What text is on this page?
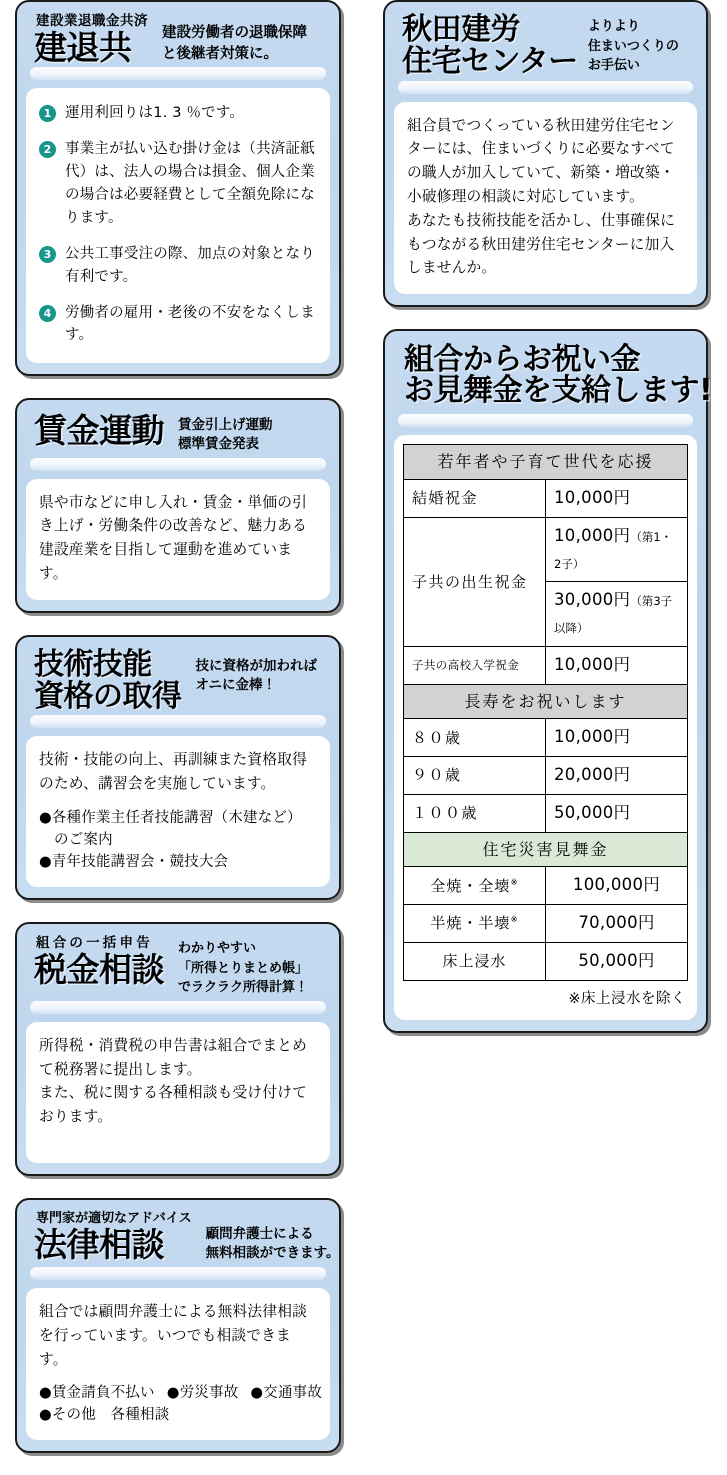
建設業退職金共済
建退共	建設労働者の退職保障
と後継者対策に。
1 運用利回りは1. 3 ％です。
2 事業主が払い込む掛け金は（共済証紙代）は、法人の場合は損金、個人企業の場合は必要経費として全額免除になります。
3 公共工事受注の際、加点の対象となり有利です。
4 労働者の雇用・老後の不安をなくします。
賃金運動 賃金引上げ運動
標準賃金発表

県や市などに申し入れ・賃金・単価の引き上げ・労働条件の改善など、魅力ある建設産業を目指して運動を進めています。

技術技能
資格の取得
技に資格が加われば
オニに金棒！

技術・技能の向上、再訓練また資格取得のため、講習会を実施しています。

●各種作業主任者技能講習（木建など）
のご案内
●青年技能講習会・競技大会
組合の一括申告
税金相談
わかりやすい
「所得とりまとめ帳」
でラクラク所得計算！

所得税・消費税の申告書は組合でまとめて税務署に提出します。

また、税に関する各種相談も受け付けております。

専門家が適切なアドバイス
法律相談	顧問弁護士による
無料相談ができます。

組合では顧問弁護士による無料法律相談を行っています。いつでも相談できます。

●賃金請負不払い ●労災事故 ●交通事故
●その他　各種相談
秋田建労
住宅センター
よりより
住まいつくりの
お手伝い

組合員でつくっている秋田建労住宅センターには、住まいづくりに必要なすべての職人が加入していて、新築・増改築・小破修理の相談に対応しています。

あなたも技術技能を活かし、仕事確保にもつながる秋田建労住宅センターに加入しませんか。

組合からお祝い金
お見舞金を支給します!
若年者や子育て世代を応援	
結婚祝金	10,000円
子共の出生祝金	10,000円（第1・2子）
	30,000円（第3子以降）
子共の高校入学祝金	10,000円
長寿をお祝いします	
８０歳	10,000円
９０歳	20,000円
１００歳	50,000円
住宅災害見舞金	
全焼・全壊※	100,000円
半焼・半壊※	70,000円
床上浸水	50,000円
※床上浸水を除く
